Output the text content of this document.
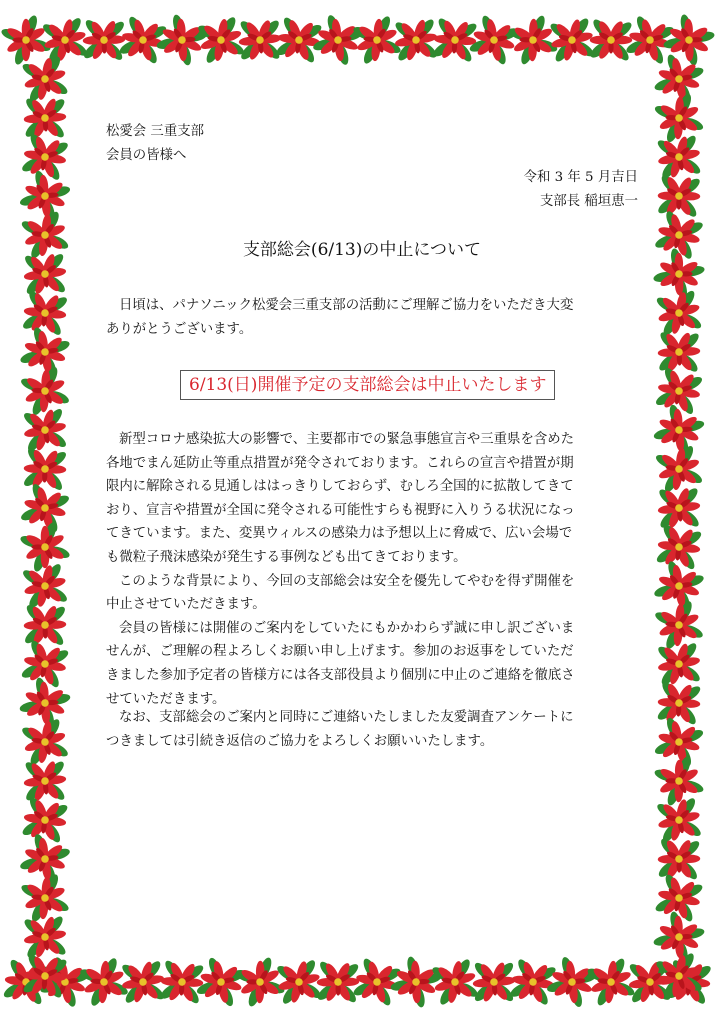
松愛会 三重支部
会員の皆様へ
令和 3 年 5 月吉日
支部長 稲垣恵一
支部総会(6/13)の中止について
日頃は、パナソニック松愛会三重支部の活動にご理解ご協力をいただき大変
ありがとうございます。
6/13(日)開催予定の支部総会は中止いたします
新型コロナ感染拡大の影響で、主要都市での緊急事態宣言や三重県を含めた
各地でまん延防止等重点措置が発令されております。これらの宣言や措置が期
限内に解除される見通しははっきりしておらず、むしろ全国的に拡散してきて
おり、宣言や措置が全国に発令される可能性すらも視野に入りうる状況になっ
てきています。また、変異ウィルスの感染力は予想以上に脅威で、広い会場で
も微粒子飛沫感染が発生する事例なども出てきております。
このような背景により、今回の支部総会は安全を優先してやむを得ず開催を
中止させていただきます。
会員の皆様には開催のご案内をしていたにもかかわらず誠に申し訳ございま
せんが、ご理解の程よろしくお願い申し上げます。参加のお返事をしていただ
きました参加予定者の皆様方には各支部役員より個別に中止のご連絡を徹底さ
せていただきます。
なお、支部総会のご案内と同時にご連絡いたしました友愛調査アンケートに
つきましては引続き返信のご協力をよろしくお願いいたします。
